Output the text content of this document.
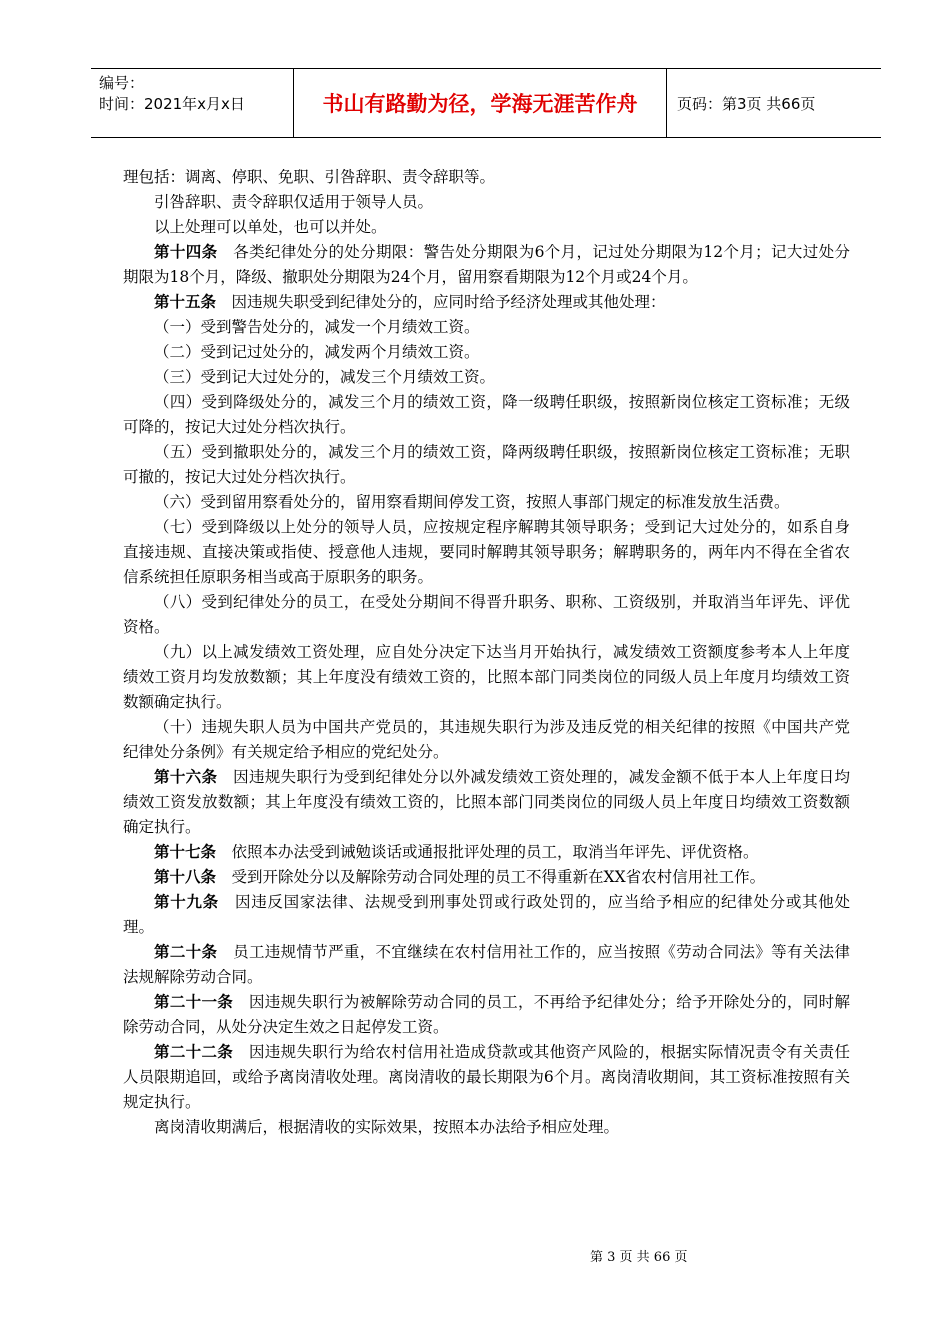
编号：
时间：2021年x月x日	书山有路勤为径，学海无涯苦作舟	页码：第3页 共66页

理包括：调离、停职、免职、引咎辞职、责令辞职等。

引咎辞职、责令辞职仅适用于领导人员。

以上处理可以单处，也可以并处。

第十四条　 各类纪律处分的处分期限：警告处分期限为6个月，记过处分期限为12个月；记大过处分期限为18个月，降级、撤职处分期限为24个月，留用察看期限为12个月或24个月。

第十五条　 因违规失职受到纪律处分的，应同时给予经济处理或其他处理：

（一）受到警告处分的，减发一个月绩效工资。

（二）受到记过处分的，减发两个月绩效工资。

（三）受到记大过处分的，减发三个月绩效工资。

（四）受到降级处分的，减发三个月的绩效工资，降一级聘任职级，按照新岗位核定工资标准；无级可降的，按记大过处分档次执行。

（五）受到撤职处分的，减发三个月的绩效工资，降两级聘任职级，按照新岗位核定工资标准；无职可撤的，按记大过处分档次执行。

（六）受到留用察看处分的，留用察看期间停发工资，按照人事部门规定的标准发放生活费。

（七）受到降级以上处分的领导人员，应按规定程序解聘其领导职务；受到记大过处分的，如系自身直接违规、直接决策或指使、授意他人违规，要同时解聘其领导职务；解聘职务的，两年内不得在全省农信系统担任原职务相当或高于原职务的职务。

（八）受到纪律处分的员工，在受处分期间不得晋升职务、职称、工资级别，并取消当年评先、评优资格。

（九）以上减发绩效工资处理，应自处分决定下达当月开始执行，减发绩效工资额度参考本人上年度绩效工资月均发放数额；其上年度没有绩效工资的，比照本部门同类岗位的同级人员上年度月均绩效工资数额确定执行。

（十）违规失职人员为中国共产党员的，其违规失职行为涉及违反党的相关纪律的按照《中国共产党纪律处分条例》有关规定给予相应的党纪处分。

第十六条　 因违规失职行为受到纪律处分以外减发绩效工资处理的，减发金额不低于本人上年度日均绩效工资发放数额；其上年度没有绩效工资的，比照本部门同类岗位的同级人员上年度日均绩效工资数额确定执行。

第十七条　 依照本办法受到诫勉谈话或通报批评处理的员工，取消当年评先、评优资格。

第十八条　 受到开除处分以及解除劳动合同处理的员工不得重新在XX省农村信用社工作。

第十九条　 因违反国家法律、法规受到刑事处罚或行政处罚的，应当给予相应的纪律处分或其他处理。

第二十条　 员工违规情节严重，不宜继续在农村信用社工作的，应当按照《劳动合同法》等有关法律法规解除劳动合同。

第二十一条　 因违规失职行为被解除劳动合同的员工，不再给予纪律处分；给予开除处分的，同时解除劳动合同，从处分决定生效之日起停发工资。

第二十二条　 因违规失职行为给农村信用社造成贷款或其他资产风险的，根据实际情况责令有关责任人员限期追回，或给予离岗清收处理。离岗清收的最长期限为6个月。离岗清收期间，其工资标准按照有关规定执行。

离岗清收期满后，根据清收的实际效果，按照本办法给予相应处理。

第 3 页 共 66 页
